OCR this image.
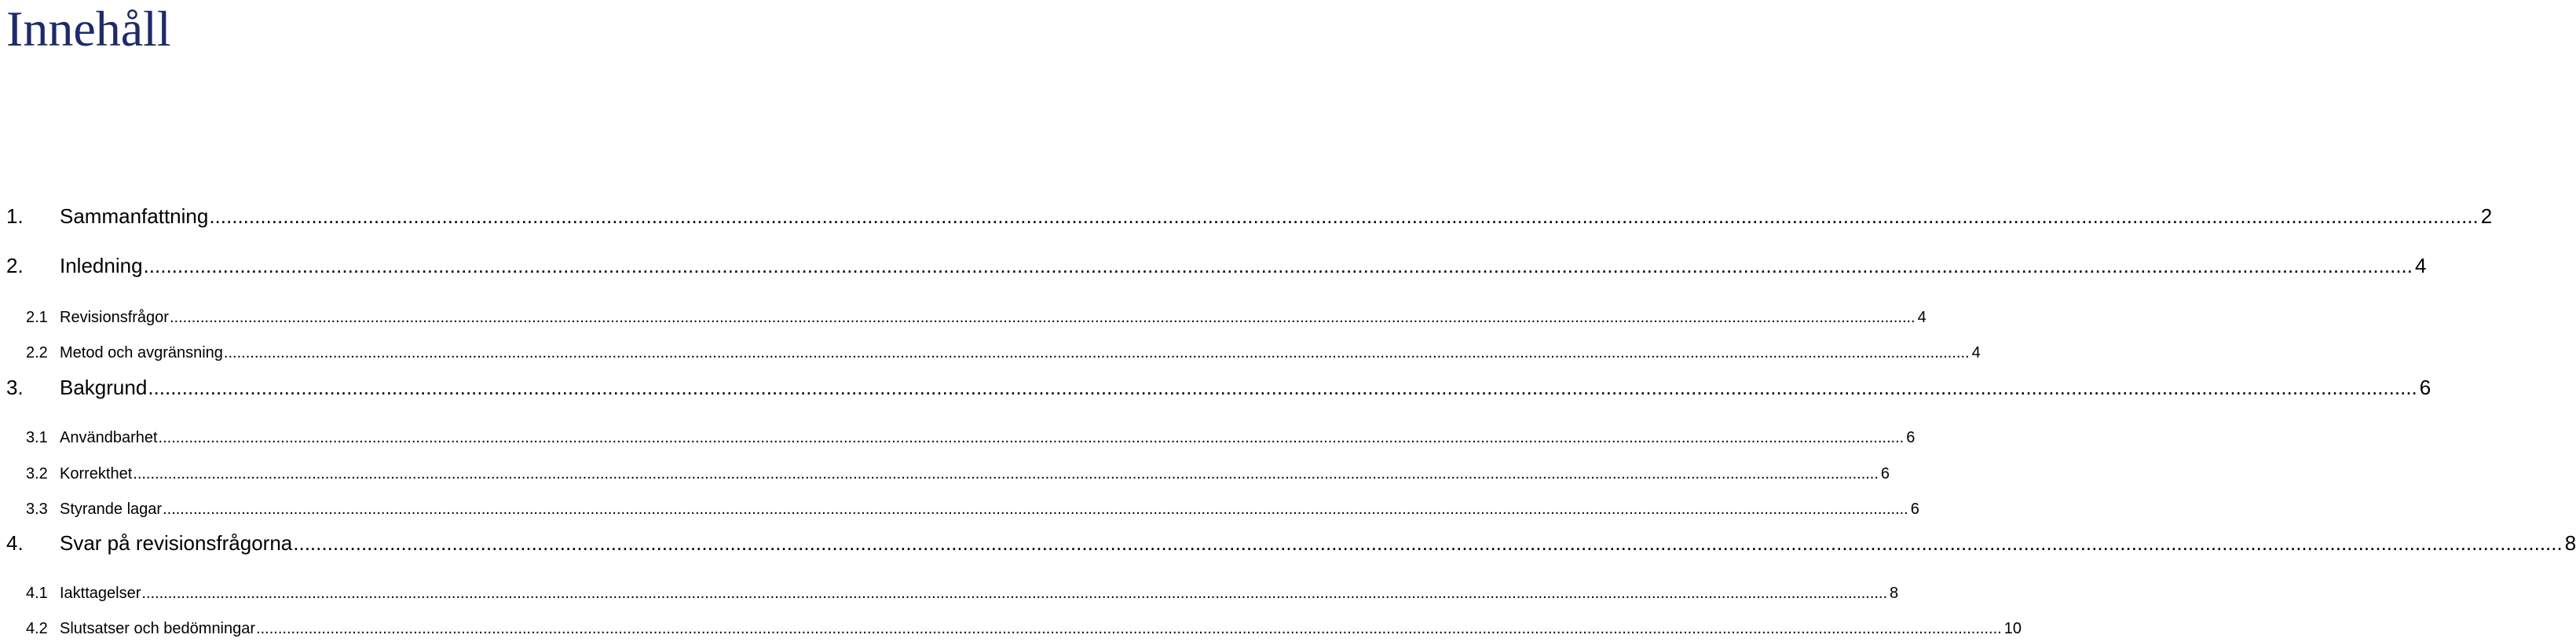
Innehåll
1.	Sammanfattning .....	2
2.	Inledning .....	4
2.1 Revisionsfrågor .....	4
2.2 Metod och avgränsning .....	4
3.	Bakgrund .....	6
3.1 Användbarhet .....	6
3.2 Korrekthet .....	6
3.3 Styrande lagar .....	6
4.	Svar på revisionsfrågorna .....	8
4.1 Iakttagelser .....	8
4.2 Slutsatser och bedömningar .....	10
